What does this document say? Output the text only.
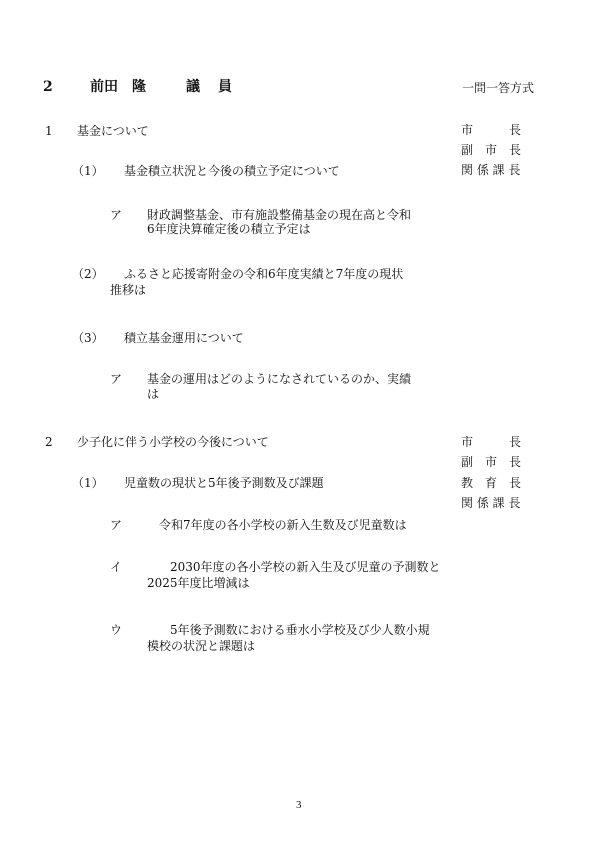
2	前田 隆	議　員	一問一答方式
1 基金について	市　　　長
副　市　長
関 係 課 長
（1） 基金積立状況と今後の積立予定について
ア 財政調整基金、市有施設整備基金の現在高と令和
6年度決算確定後の積立予定は
（2） ふるさと応援寄附金の令和6年度実績と7年度の現状
推移は
（3） 積立基金運用について
ア 基金の運用はどのようになされているのか、実績
は
2 少子化に伴う小学校の今後について	市　　　長
副　市　長
教　育　長
関 係 課 長
（1） 児童数の現状と5年後予測数及び課題
ア	令和7年度の各小学校の新入生数及び児童数は
イ	2030年度の各小学校の新入生及び児童の予測数と
2025年度比増減は
ウ	5年後予測数における垂水小学校及び少人数小規
模校の状況と課題は
3
